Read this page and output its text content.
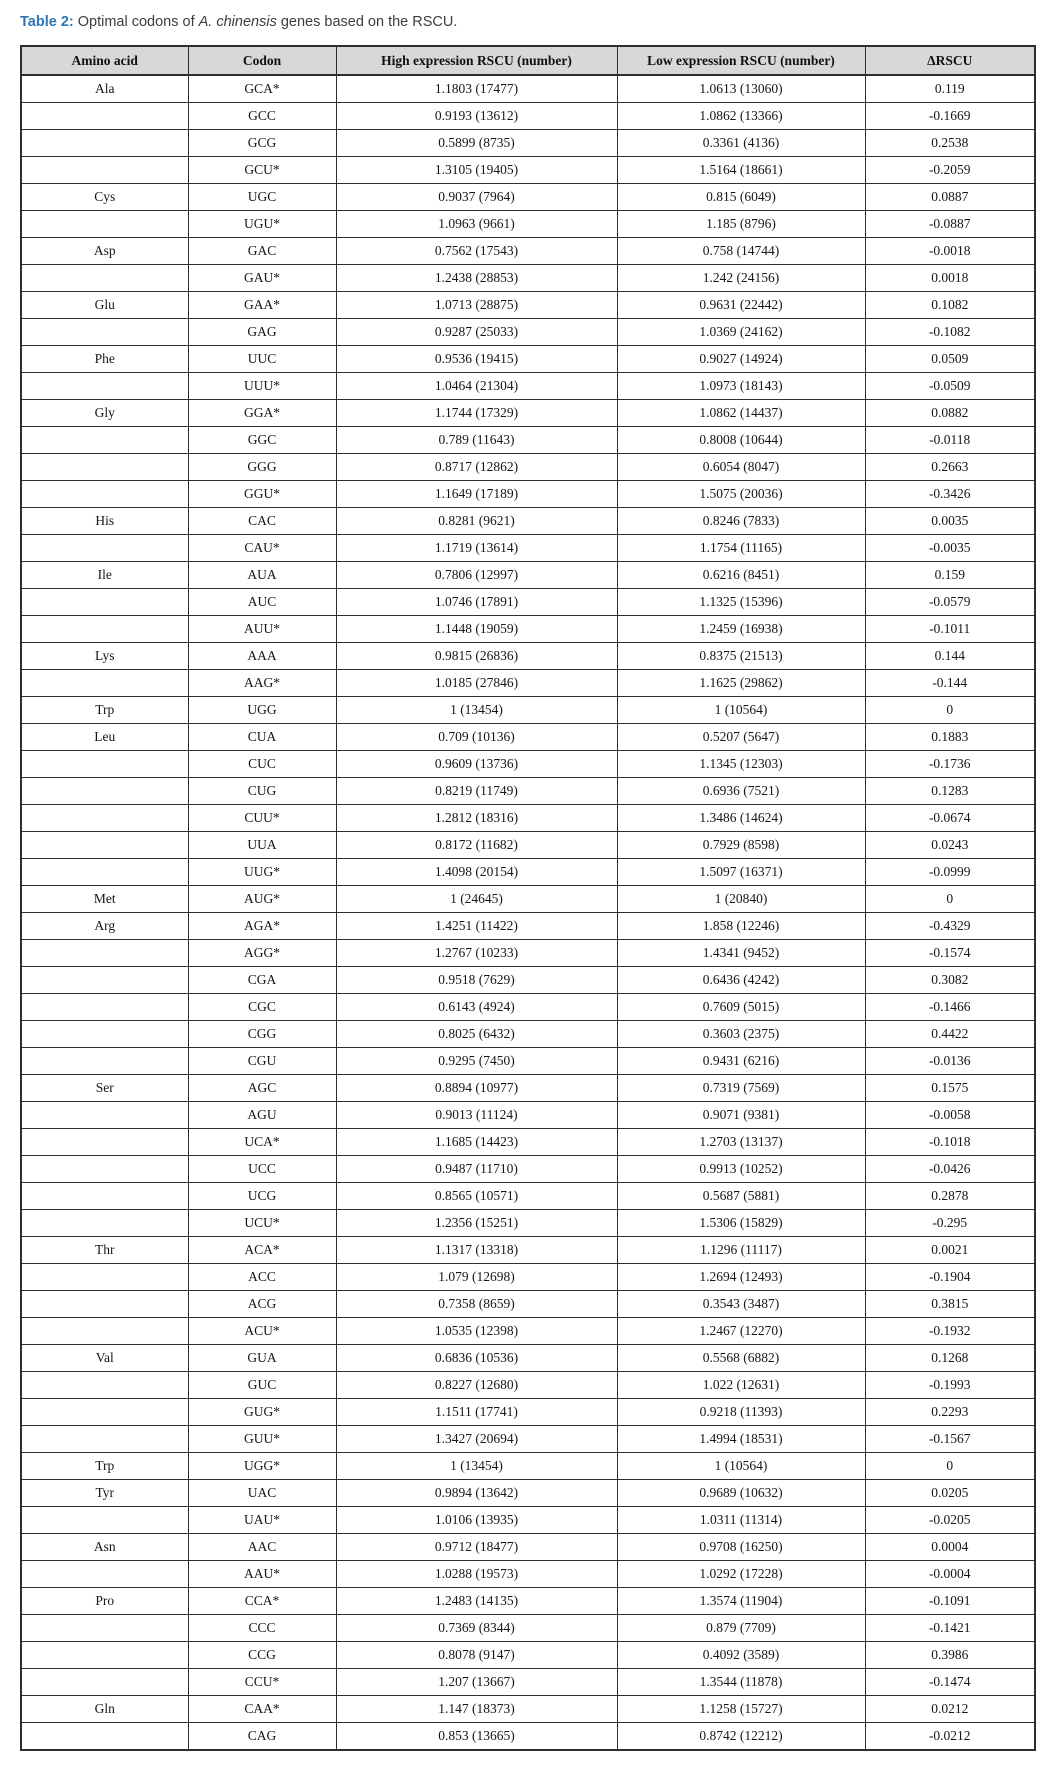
Table 2: Optimal codons of A. chinensis genes based on the RSCU.

Amino acid	Codon	High expression RSCU (number)	Low expression RSCU (number)	ΔRSCU
Ala	GCA*	1.1803 (17477)	1.0613 (13060)	0.119
	GCC	0.9193 (13612)	1.0862 (13366)	-0.1669
	GCG	0.5899 (8735)	0.3361 (4136)	0.2538
	GCU*	1.3105 (19405)	1.5164 (18661)	-0.2059
Cys	UGC	0.9037 (7964)	0.815 (6049)	0.0887
	UGU*	1.0963 (9661)	1.185 (8796)	-0.0887
Asp	GAC	0.7562 (17543)	0.758 (14744)	-0.0018
	GAU*	1.2438 (28853)	1.242 (24156)	0.0018
Glu	GAA*	1.0713 (28875)	0.9631 (22442)	0.1082
	GAG	0.9287 (25033)	1.0369 (24162)	-0.1082
Phe	UUC	0.9536 (19415)	0.9027 (14924)	0.0509
	UUU*	1.0464 (21304)	1.0973 (18143)	-0.0509
Gly	GGA*	1.1744 (17329)	1.0862 (14437)	0.0882
	GGC	0.789 (11643)	0.8008 (10644)	-0.0118
	GGG	0.8717 (12862)	0.6054 (8047)	0.2663
	GGU*	1.1649 (17189)	1.5075 (20036)	-0.3426
His	CAC	0.8281 (9621)	0.8246 (7833)	0.0035
	CAU*	1.1719 (13614)	1.1754 (11165)	-0.0035
Ile	AUA	0.7806 (12997)	0.6216 (8451)	0.159
	AUC	1.0746 (17891)	1.1325 (15396)	-0.0579
	AUU*	1.1448 (19059)	1.2459 (16938)	-0.1011
Lys	AAA	0.9815 (26836)	0.8375 (21513)	0.144
	AAG*	1.0185 (27846)	1.1625 (29862)	-0.144
Trp	UGG	1 (13454)	1 (10564)	0
Leu	CUA	0.709 (10136)	0.5207 (5647)	0.1883
	CUC	0.9609 (13736)	1.1345 (12303)	-0.1736
	CUG	0.8219 (11749)	0.6936 (7521)	0.1283
	CUU*	1.2812 (18316)	1.3486 (14624)	-0.0674
	UUA	0.8172 (11682)	0.7929 (8598)	0.0243
	UUG*	1.4098 (20154)	1.5097 (16371)	-0.0999
Met	AUG*	1 (24645)	1 (20840)	0
Arg	AGA*	1.4251 (11422)	1.858 (12246)	-0.4329
	AGG*	1.2767 (10233)	1.4341 (9452)	-0.1574
	CGA	0.9518 (7629)	0.6436 (4242)	0.3082
	CGC	0.6143 (4924)	0.7609 (5015)	-0.1466
	CGG	0.8025 (6432)	0.3603 (2375)	0.4422
	CGU	0.9295 (7450)	0.9431 (6216)	-0.0136
Ser	AGC	0.8894 (10977)	0.7319 (7569)	0.1575
	AGU	0.9013 (11124)	0.9071 (9381)	-0.0058
	UCA*	1.1685 (14423)	1.2703 (13137)	-0.1018
	UCC	0.9487 (11710)	0.9913 (10252)	-0.0426
	UCG	0.8565 (10571)	0.5687 (5881)	0.2878
	UCU*	1.2356 (15251)	1.5306 (15829)	-0.295
Thr	ACA*	1.1317 (13318)	1.1296 (11117)	0.0021
	ACC	1.079 (12698)	1.2694 (12493)	-0.1904
	ACG	0.7358 (8659)	0.3543 (3487)	0.3815
	ACU*	1.0535 (12398)	1.2467 (12270)	-0.1932
Val	GUA	0.6836 (10536)	0.5568 (6882)	0.1268
	GUC	0.8227 (12680)	1.022 (12631)	-0.1993
	GUG*	1.1511 (17741)	0.9218 (11393)	0.2293
	GUU*	1.3427 (20694)	1.4994 (18531)	-0.1567
Trp	UGG*	1 (13454)	1 (10564)	0
Tyr	UAC	0.9894 (13642)	0.9689 (10632)	0.0205
	UAU*	1.0106 (13935)	1.0311 (11314)	-0.0205
Asn	AAC	0.9712 (18477)	0.9708 (16250)	0.0004
	AAU*	1.0288 (19573)	1.0292 (17228)	-0.0004
Pro	CCA*	1.2483 (14135)	1.3574 (11904)	-0.1091
	CCC	0.7369 (8344)	0.879 (7709)	-0.1421
	CCG	0.8078 (9147)	0.4092 (3589)	0.3986
	CCU*	1.207 (13667)	1.3544 (11878)	-0.1474
Gln	CAA*	1.147 (18373)	1.1258 (15727)	0.0212
	CAG	0.853 (13665)	0.8742 (12212)	-0.0212
